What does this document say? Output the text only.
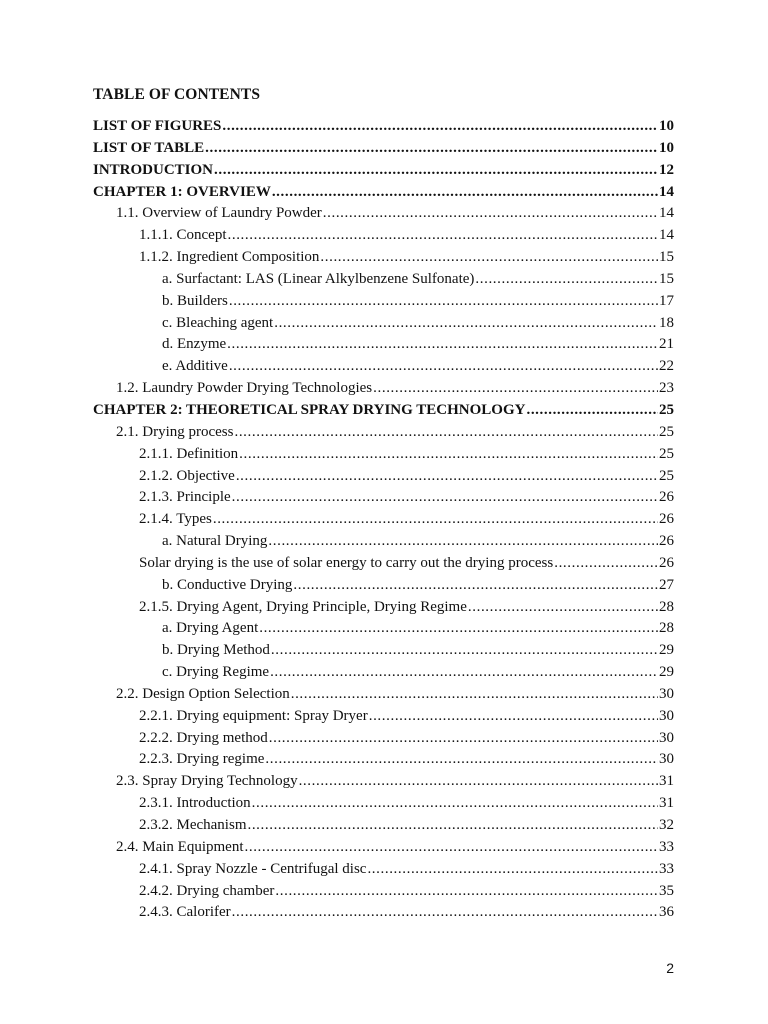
TABLE OF CONTENTS
LIST OF FIGURES .....	10
LIST OF TABLE .....	10
INTRODUCTION .....	12
CHAPTER 1: OVERVIEW .....	14
1.1. Overview of Laundry Powder .....	14
1.1.1. Concept .....	14
1.1.2. Ingredient Composition .....	15
a. Surfactant: LAS (Linear Alkylbenzene Sulfonate) .....	15
b. Builders .....	17
c. Bleaching agent .....	18
d. Enzyme .....	21
e. Additive .....	22
1.2. Laundry Powder Drying Technologies .....	23
CHAPTER 2: THEORETICAL SPRAY DRYING TECHNOLOGY .....	25
2.1. Drying process .....	25
2.1.1. Definition .....	25
2.1.2. Objective .....	25
2.1.3. Principle .....	26
2.1.4. Types .....	26
a. Natural Drying .....	26
Solar drying is the use of solar energy to carry out the drying process .....	26
b. Conductive Drying .....	27
2.1.5. Drying Agent, Drying Principle, Drying Regime .....	28
a. Drying Agent .....	28
b. Drying Method .....	29
c. Drying Regime .....	29
2.2. Design Option Selection .....	30
2.2.1. Drying equipment: Spray Dryer .....	30
2.2.2. Drying method .....	30
2.2.3. Drying regime .....	30
2.3. Spray Drying Technology .....	31
2.3.1. Introduction .....	31
2.3.2. Mechanism .....	32
2.4. Main Equipment .....	33
2.4.1. Spray Nozzle - Centrifugal disc .....	33
2.4.2. Drying chamber .....	35
2.4.3. Calorifer .....	36
2
